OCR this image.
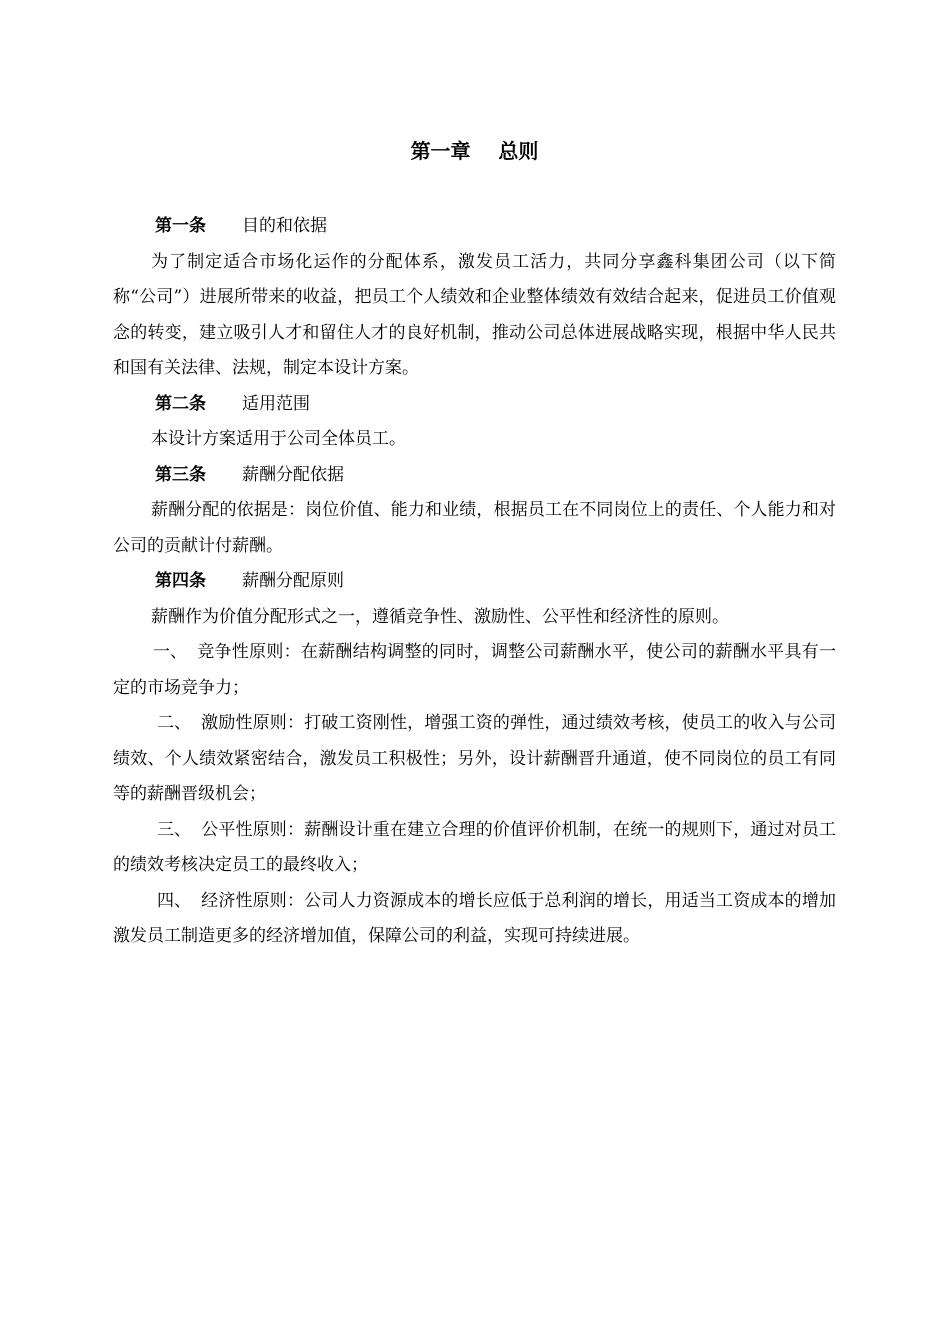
第一章    总则

第一条 目的和依据

为了制定适合市场化运作的分配体系，激发员工活力，共同分享鑫科集团公司（以下简称“公司”）进展所带来的收益，把员工个人绩效和企业整体绩效有效结合起来，促进员工价值观念的转变，建立吸引人才和留住人才的良好机制，推动公司总体进展战略实现，根据中华人民共和国有关法律、法规，制定本设计方案。

第二条 适用范围

本设计方案适用于公司全体员工。

第三条 薪酬分配依据

薪酬分配的依据是：岗位价值、能力和业绩，根据员工在不同岗位上的责任、个人能力和对公司的贡献计付薪酬。

第四条 薪酬分配原则

薪酬作为价值分配形式之一，遵循竞争性、激励性、公平性和经济性的原则。

一、 竞争性原则：在薪酬结构调整的同时，调整公司薪酬水平，使公司的薪酬水平具有一定的市场竞争力；

二、 激励性原则：打破工资刚性，增强工资的弹性，通过绩效考核，使员工的收入与公司绩效、个人绩效紧密结合，激发员工积极性；另外，设计薪酬晋升通道，使不同岗位的员工有同等的薪酬晋级机会；

三、 公平性原则：薪酬设计重在建立合理的价值评价机制，在统一的规则下，通过对员工的绩效考核决定员工的最终收入；

四、 经济性原则：公司人力资源成本的增长应低于总利润的增长，用适当工资成本的增加激发员工制造更多的经济增加值，保障公司的利益，实现可持续进展。
